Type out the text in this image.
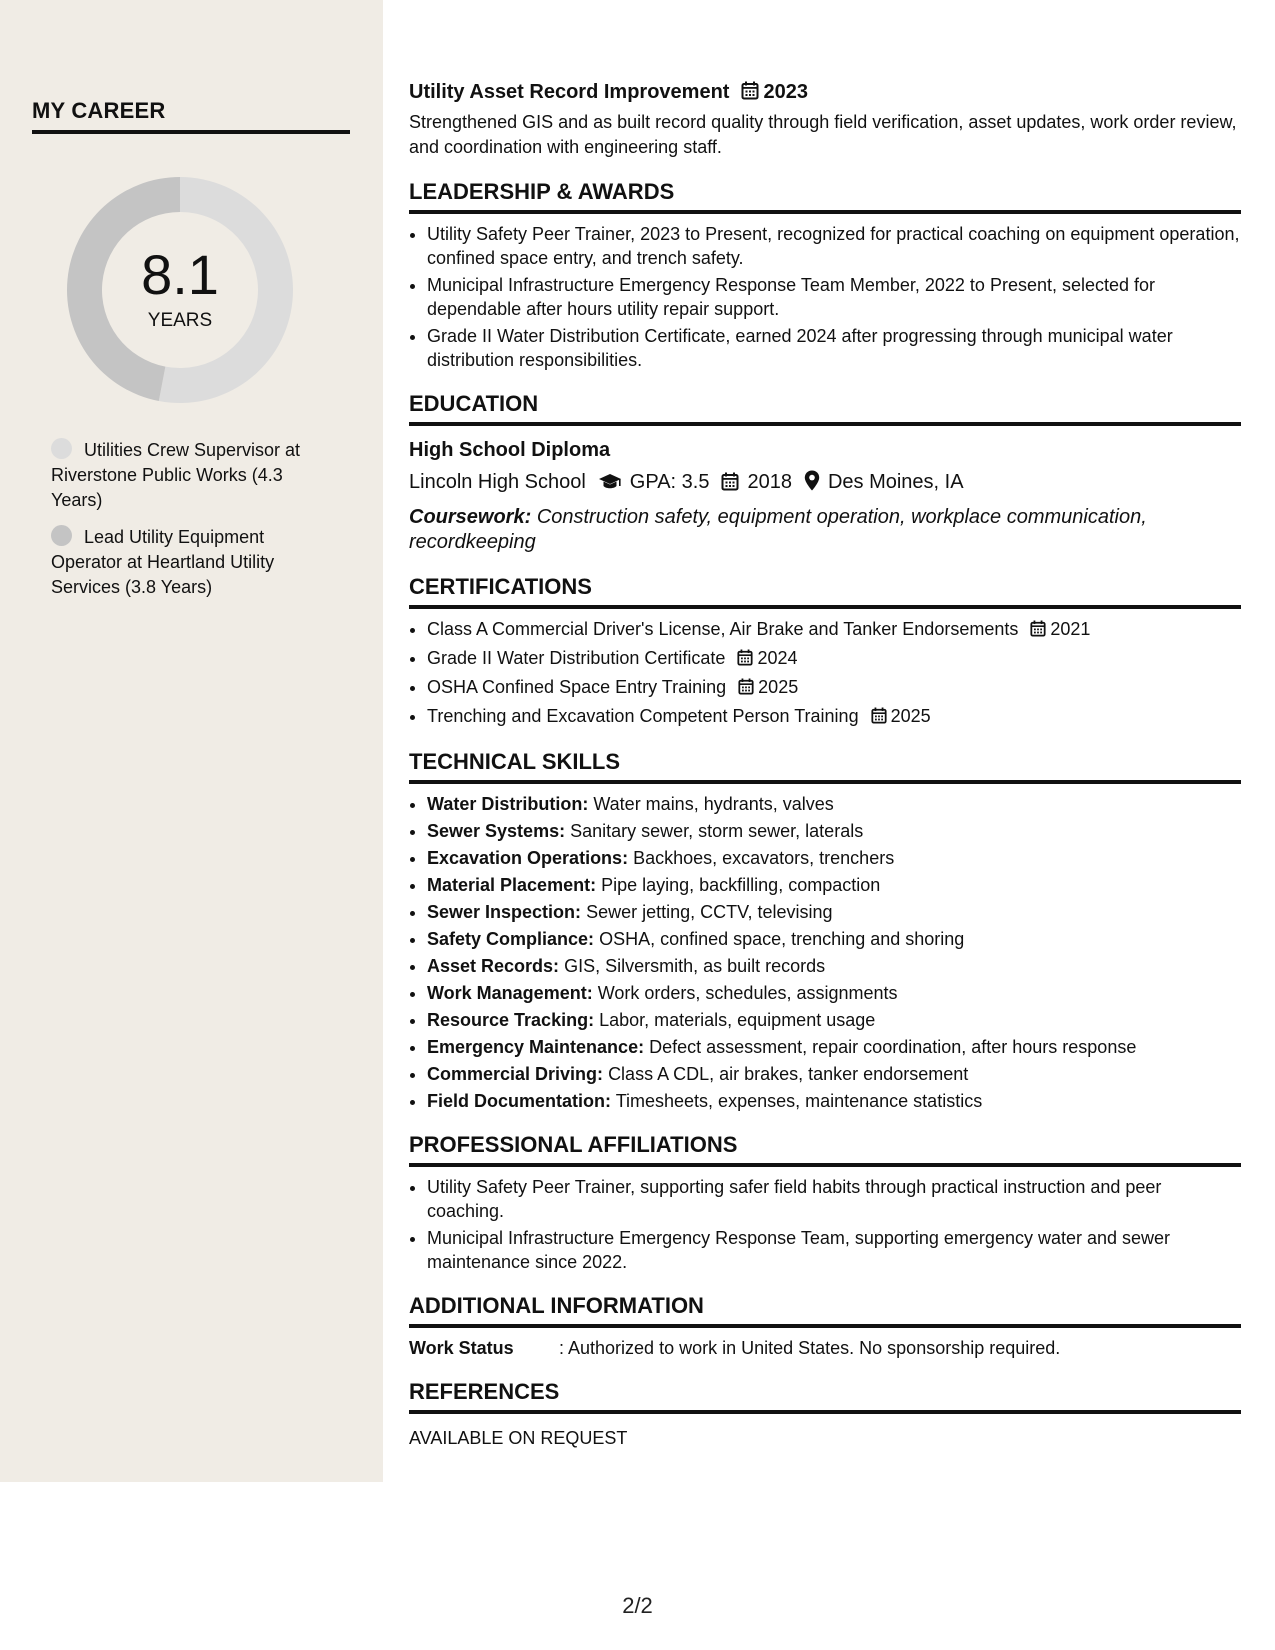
MY CAREER
8.1
YEARS
Utilities Crew Supervisor at Riverstone Public Works (4.3 Years)
Lead Utility Equipment Operator at Heartland Utility Services (3.8 Years)
Utility Asset Record Improvement 2023

Strengthened GIS and as built record quality through field verification, asset updates, work order review, and coordination with engineering staff.

LEADERSHIP & AWARDS
• Utility Safety Peer Trainer, 2023 to Present, recognized for practical coaching on equipment operation, confined space entry, and trench safety.
• Municipal Infrastructure Emergency Response Team Member, 2022 to Present, selected for dependable after hours utility repair support.
• Grade II Water Distribution Certificate, earned 2024 after progressing through municipal water distribution responsibilities.
EDUCATION
High School Diploma
Lincoln High School GPA: 3.5 2018 Des Moines, IA
Coursework: Construction safety, equipment operation, workplace communication, recordkeeping
CERTIFICATIONS
• Class A Commercial Driver's License, Air Brake and Tanker Endorsements 2021
• Grade II Water Distribution Certificate 2024
• OSHA Confined Space Entry Training 2025
• Trenching and Excavation Competent Person Training 2025
TECHNICAL SKILLS
• Water Distribution: Water mains, hydrants, valves
• Sewer Systems: Sanitary sewer, storm sewer, laterals
• Excavation Operations: Backhoes, excavators, trenchers
• Material Placement: Pipe laying, backfilling, compaction
• Sewer Inspection: Sewer jetting, CCTV, televising
• Safety Compliance: OSHA, confined space, trenching and shoring
• Asset Records: GIS, Silversmith, as built records
• Work Management: Work orders, schedules, assignments
• Resource Tracking: Labor, materials, equipment usage
• Emergency Maintenance: Defect assessment, repair coordination, after hours response
• Commercial Driving: Class A CDL, air brakes, tanker endorsement
• Field Documentation: Timesheets, expenses, maintenance statistics
PROFESSIONAL AFFILIATIONS
• Utility Safety Peer Trainer, supporting safer field habits through practical instruction and peer coaching.
• Municipal Infrastructure Emergency Response Team, supporting emergency water and sewer maintenance since 2022.
ADDITIONAL INFORMATION
Work Status	: Authorized to work in United States. No sponsorship required.
REFERENCES
AVAILABLE ON REQUEST
2/2
